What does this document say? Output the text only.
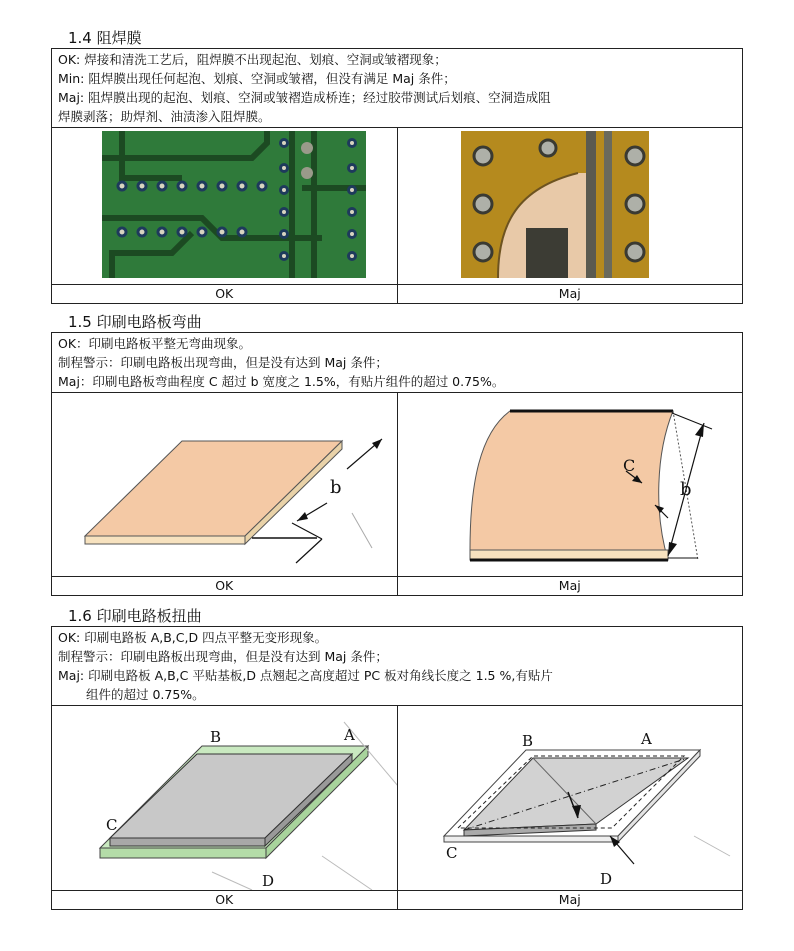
1.4 阻焊膜

OK: 焊接和清洗工艺后，阻焊膜不出现起泡、划痕、空洞或皱褶现象；

Min: 阻焊膜出现任何起泡、划痕、空洞或皱褶，但没有满足 Maj 条件；

Maj: 阻焊膜出现的起泡、划痕、空洞或皱褶造成桥连；经过胶带测试后划痕、空洞造成阻

焊膜剥落；助焊剂、油渍渗入阻焊膜。

OK	Maj
1.5 印刷电路板弯曲

OK：印刷电路板平整无弯曲现象。

制程警示：印刷电路板出现弯曲，但是没有达到 Maj 条件；

Maj：印刷电路板弯曲程度 C 超过 b 宽度之 1.5%，有贴片组件的超过 0.75%。

b
C
b
OK	Maj
1.6 印刷电路板扭曲

OK: 印刷电路板 A,B,C,D 四点平整无变形现象。

制程警示：印刷电路板出现弯曲，但是没有达到 Maj 条件；

Maj: 印刷电路板 A,B,C 平贴基板,D 点翘起之高度超过 PC 板对角线长度之 1.5 %,有贴片

组件的超过 0.75%。

B	A
C
D
B	A
C
D
OK	Maj
